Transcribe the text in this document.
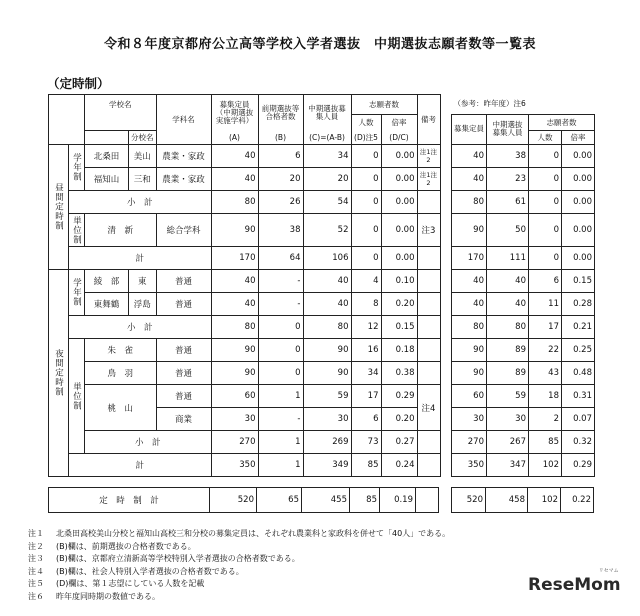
令和８年度京都府公立高等学校入学者選抜　中期選抜志願者数等一覧表
（定時制）
		学校名		学科名	募集定員（中期選抜実施学科）	前期選抜等合格者数	中期選抜募集人員	志願者数		備考
								人数	倍率	
			分校名		(A)	(B)	(C)=(A-B)	(D)注5	(D/C)	
昼間定時制	学年制	北桑田	美山	農業・家政	40	6	34	0	0.00	注1注2
		福知山	三和	農業・家政	40	20	20	0	0.00	注1注2
	小　計				80	26	54	0	0.00	
	単位制	清　新		総合学科	90	38	52	0	0.00	注3
	計				170	64	106	0	0.00	
夜間定時制	学年制	綾　部	東	普通	40	-	40	4	0.10	
		東舞鶴	浮島	普通	40	-	40	8	0.20	
	小　計				80	0	80	12	0.15	
	単位制	朱　雀		普通	90	0	90	16	0.18	
		鳥　羽		普通	90	0	90	34	0.38	
		桃　山		普通	60	1	59	17	0.29	注4
				商業	30	-	30	6	0.20	
		小　計			270	1	269	73	0.27	
	計				350	1	349	85	0.24	
（参考：昨年度）注6			
募集定員	中期選抜募集人員	志願者数	
		人数	倍率
40	38	0	0.00
40	23	0	0.00
80	61	0	0.00
90	50	0	0.00
170	111	0	0.00
40	40	6	0.15
40	40	11	0.28
80	80	17	0.21
90	89	22	0.25
90	89	43	0.48
60	59	18	0.31
30	30	2	0.07
270	267	85	0.32
350	347	102	0.29
定　時　制　計	520	65	455	85	0.19		520	458	102	0.22
注１ 北桑田高校美山分校と福知山高校三和分校の募集定員は、それぞれ農業科と家政科を併せて「40人」である。
注２ (B)欄は、前期選抜の合格者数である。
注３ (B)欄は、京都府立清新高等学校特別入学者選抜の合格者数である。
注４ (B)欄は、社会人特別入学者選抜の合格者数である。
注５ (D)欄は、第１志望にしている人数を記載
注６ 昨年度同時期の数値である。
ReseMom
リセマム
